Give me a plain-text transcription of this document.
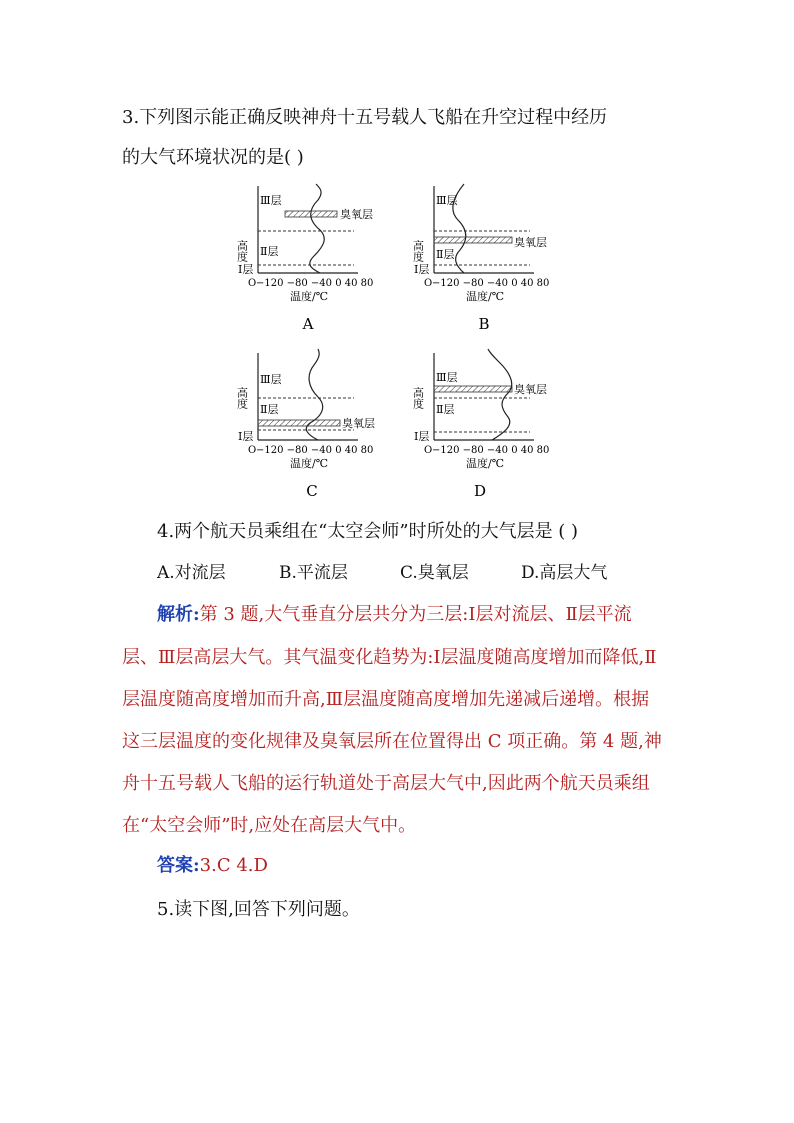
3.下列图示能正确反映神舟十五号载人飞船在升空过程中经历
的大气环境状况的是( )
Ⅲ层
Ⅱ层
Ⅰ层
臭氧层
高度
O −120 −80 −40 0 40 80
温度/℃
A
Ⅲ层
Ⅱ层
Ⅰ层
臭氧层
高度
O −120 −80 −40 0 40 80
温度/℃
B
Ⅲ层
Ⅱ层
Ⅰ层
臭氧层
高度
O −120 −80 −40 0 40 80
温度/℃
C
Ⅲ层
Ⅱ层
Ⅰ层
臭氧层
高度
O −120 −80 −40 0 40 80
温度/℃
D
4.两个航天员乘组在“太空会师”时所处的大气层是 ( )
A.对流层	B.平流层	C.臭氧层	D.高层大气
解析:第 3 题,大气垂直分层共分为三层:Ⅰ层对流层、Ⅱ层平流
层、Ⅲ层高层大气。其气温变化趋势为:Ⅰ层温度随高度增加而降低,Ⅱ
层温度随高度增加而升高,Ⅲ层温度随高度增加先递减后递增。根据
这三层温度的变化规律及臭氧层所在位置得出 C 项正确。第 4 题,神
舟十五号载人飞船的运行轨道处于高层大气中,因此两个航天员乘组
在“太空会师”时,应处在高层大气中。
答案:3.C 4.D
5.读下图,回答下列问题。
